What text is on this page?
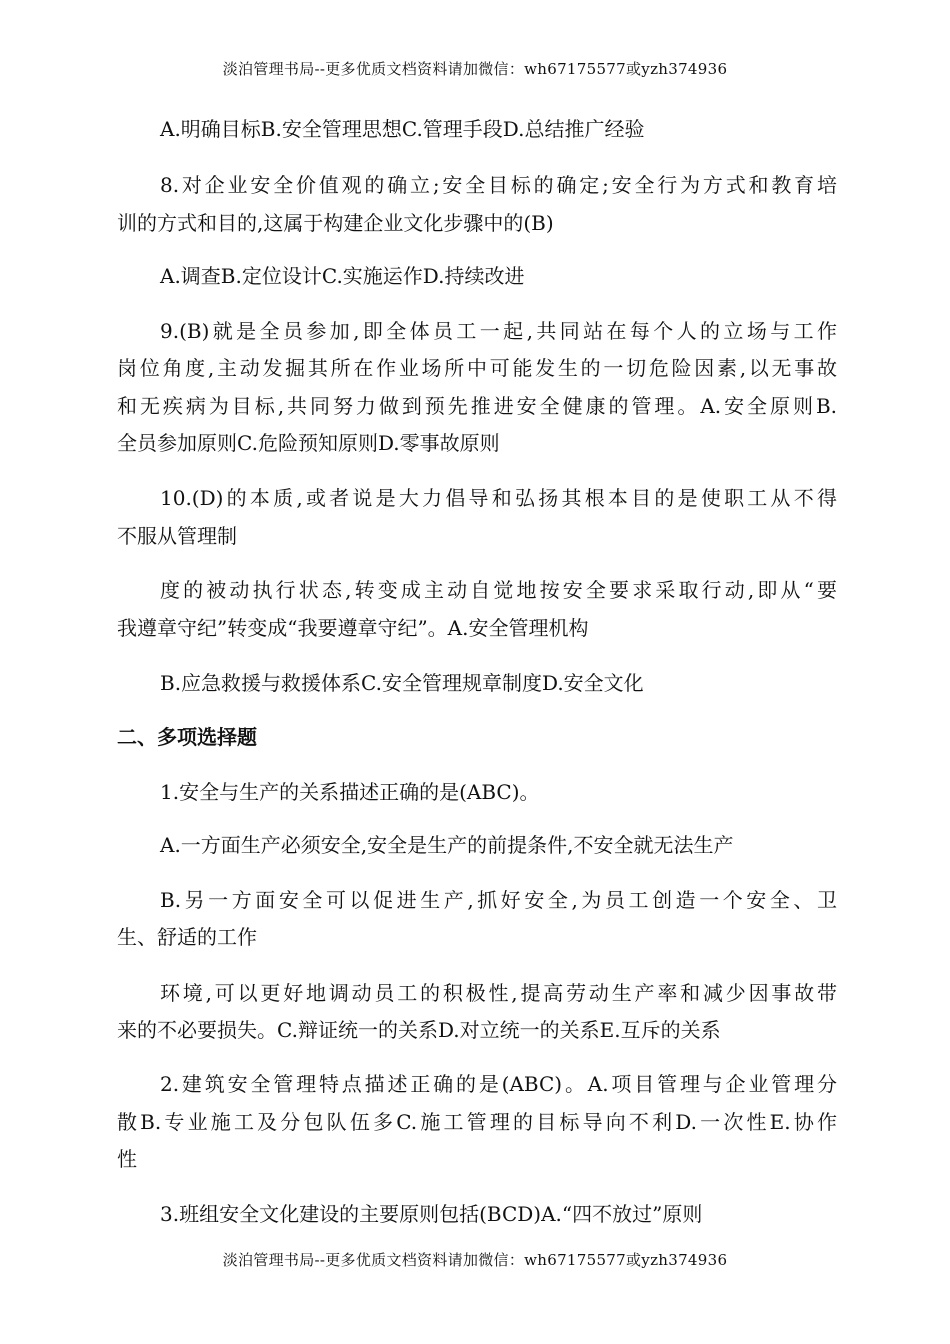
淡泊管理书局--更多优质文档资料请加微信：wh67175577或yzh374936
A.明确目标B.安全管理思想C.管理手段D.总结推广经验
8.对企业安全价值观的确立;安全目标的确定;安全行为方式和教育培
训的方式和目的,这属于构建企业文化步骤中的(B)
A.调查B.定位设计C.实施运作D.持续改进
9.(B)就是全员参加,即全体员工一起,共同站在每个人的立场与工作
岗位角度,主动发掘其所在作业场所中可能发生的一切危险因素,以无事故
和无疾病为目标,共同努力做到预先推进安全健康的管理。A.安全原则B.
全员参加原则C.危险预知原则D.零事故原则
10.(D)的本质,或者说是大力倡导和弘扬其根本目的是使职工从不得
不服从管理制
度的被动执行状态,转变成主动自觉地按安全要求采取行动,即从“要
我遵章守纪”转变成“我要遵章守纪”。A.安全管理机构
B.应急救援与救援体系C.安全管理规章制度D.安全文化
二、多项选择题
1.安全与生产的关系描述正确的是(ABC)。
A.一方面生产必须安全,安全是生产的前提条件,不安全就无法生产
B.另一方面安全可以促进生产,抓好安全,为员工创造一个安全、卫
生、舒适的工作
环境,可以更好地调动员工的积极性,提高劳动生产率和减少因事故带
来的不必要损失。C.辩证统一的关系D.对立统一的关系E.互斥的关系
2.建筑安全管理特点描述正确的是(ABC)。A.项目管理与企业管理分
散B.专业施工及分包队伍多C.施工管理的目标导向不利D.一次性E.协作
性
3.班组安全文化建设的主要原则包括(BCD)A.“四不放过”原则
淡泊管理书局--更多优质文档资料请加微信：wh67175577或yzh374936
